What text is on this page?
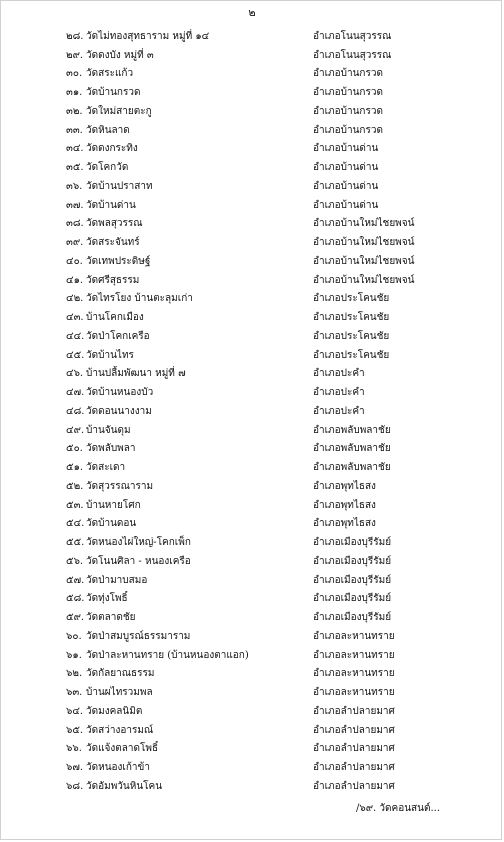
๒
๒๘. วัดไม่ทองสุทธาราม หมู่ที่ ๑๔	อำเภอโนนสุวรรณ
๒๙. วัดดงบัง หมู่ที่ ๓	อำเภอโนนสุวรรณ
๓๐. วัดสระแก้ว	อำเภอบ้านกรวด
๓๑. วัดบ้านกรวด	อำเภอบ้านกรวด
๓๒. วัดใหม่สายตะกู	อำเภอบ้านกรวด
๓๓. วัดหินลาด	อำเภอบ้านกรวด
๓๔. วัดดงกระทิง	อำเภอบ้านด่าน
๓๕. วัดโคกวัด	อำเภอบ้านด่าน
๓๖. วัดบ้านปราสาท	อำเภอบ้านด่าน
๓๗. วัดบ้านด่าน	อำเภอบ้านด่าน
๓๘. วัดพลสุวรรณ	อำเภอบ้านใหม่ไชยพจน์
๓๙. วัดสระจันทร์	อำเภอบ้านใหม่ไชยพจน์
๔๐. วัดเทพประดิษฐ์	อำเภอบ้านใหม่ไชยพจน์
๔๑. วัดศรีสุธรรม	อำเภอบ้านใหม่ไชยพจน์
๔๒. วัดไทรโยง บ้านตะลุมเก่า	อำเภอประโคนชัย
๔๓. บ้านโคกเมือง	อำเภอประโคนชัย
๔๔. วัดป่าโคกเครือ	อำเภอประโคนชัย
๔๕. วัดบ้านไทร	อำเภอประโคนชัย
๔๖. บ้านปลื้มพัฒนา หมู่ที่ ๗	อำเภอปะคำ
๔๗. วัดบ้านหนองบัว	อำเภอปะคำ
๔๘. วัดดอนนางงาม	อำเภอปะคำ
๔๙. บ้านจันดุม	อำเภอพลับพลาชัย
๕๐. วัดพลับพลา	อำเภอพลับพลาชัย
๕๑. วัดสะเดา	อำเภอพลับพลาชัย
๕๒. วัดสุวรรณาราม	อำเภอพุทไธสง
๕๓. บ้านหายโศก	อำเภอพุทไธสง
๕๔. วัดบ้านดอน	อำเภอพุทไธสง
๕๕. วัดหนองไผ่ใหญ่-โคกเพ็ก	อำเภอเมืองบุรีรัมย์
๕๖. วัดโนนศิลา - หนองเครือ	อำเภอเมืองบุรีรัมย์
๕๗. วัดป่ามาบสมอ	อำเภอเมืองบุรีรัมย์
๕๘. วัดทุ่งโพธิ์	อำเภอเมืองบุรีรัมย์
๕๙. วัดตลาดชัย	อำเภอเมืองบุรีรัมย์
๖๐. วัดป่าสมบูรณ์ธรรมาราม	อำเภอละหานทราย
๖๑. วัดป่าละหานทราย (บ้านหนองตาแอก)	อำเภอละหานทราย
๖๒. วัดกัลยาณธรรม	อำเภอละหานทราย
๖๓. บ้านผไทรวมพล	อำเภอละหานทราย
๖๔. วัดมงคลนิมิต	อำเภอลำปลายมาศ
๖๕. วัดสว่างอารมณ์	อำเภอลำปลายมาศ
๖๖. วัดแจ้งตลาดโพธิ์	อำเภอลำปลายมาศ
๖๗. วัดหนองเก้าข้า	อำเภอลำปลายมาศ
๖๘. วัดอัมพวันหินโคน	อำเภอลำปลายมาศ
/๖๙. วัดคอนสนต์...
